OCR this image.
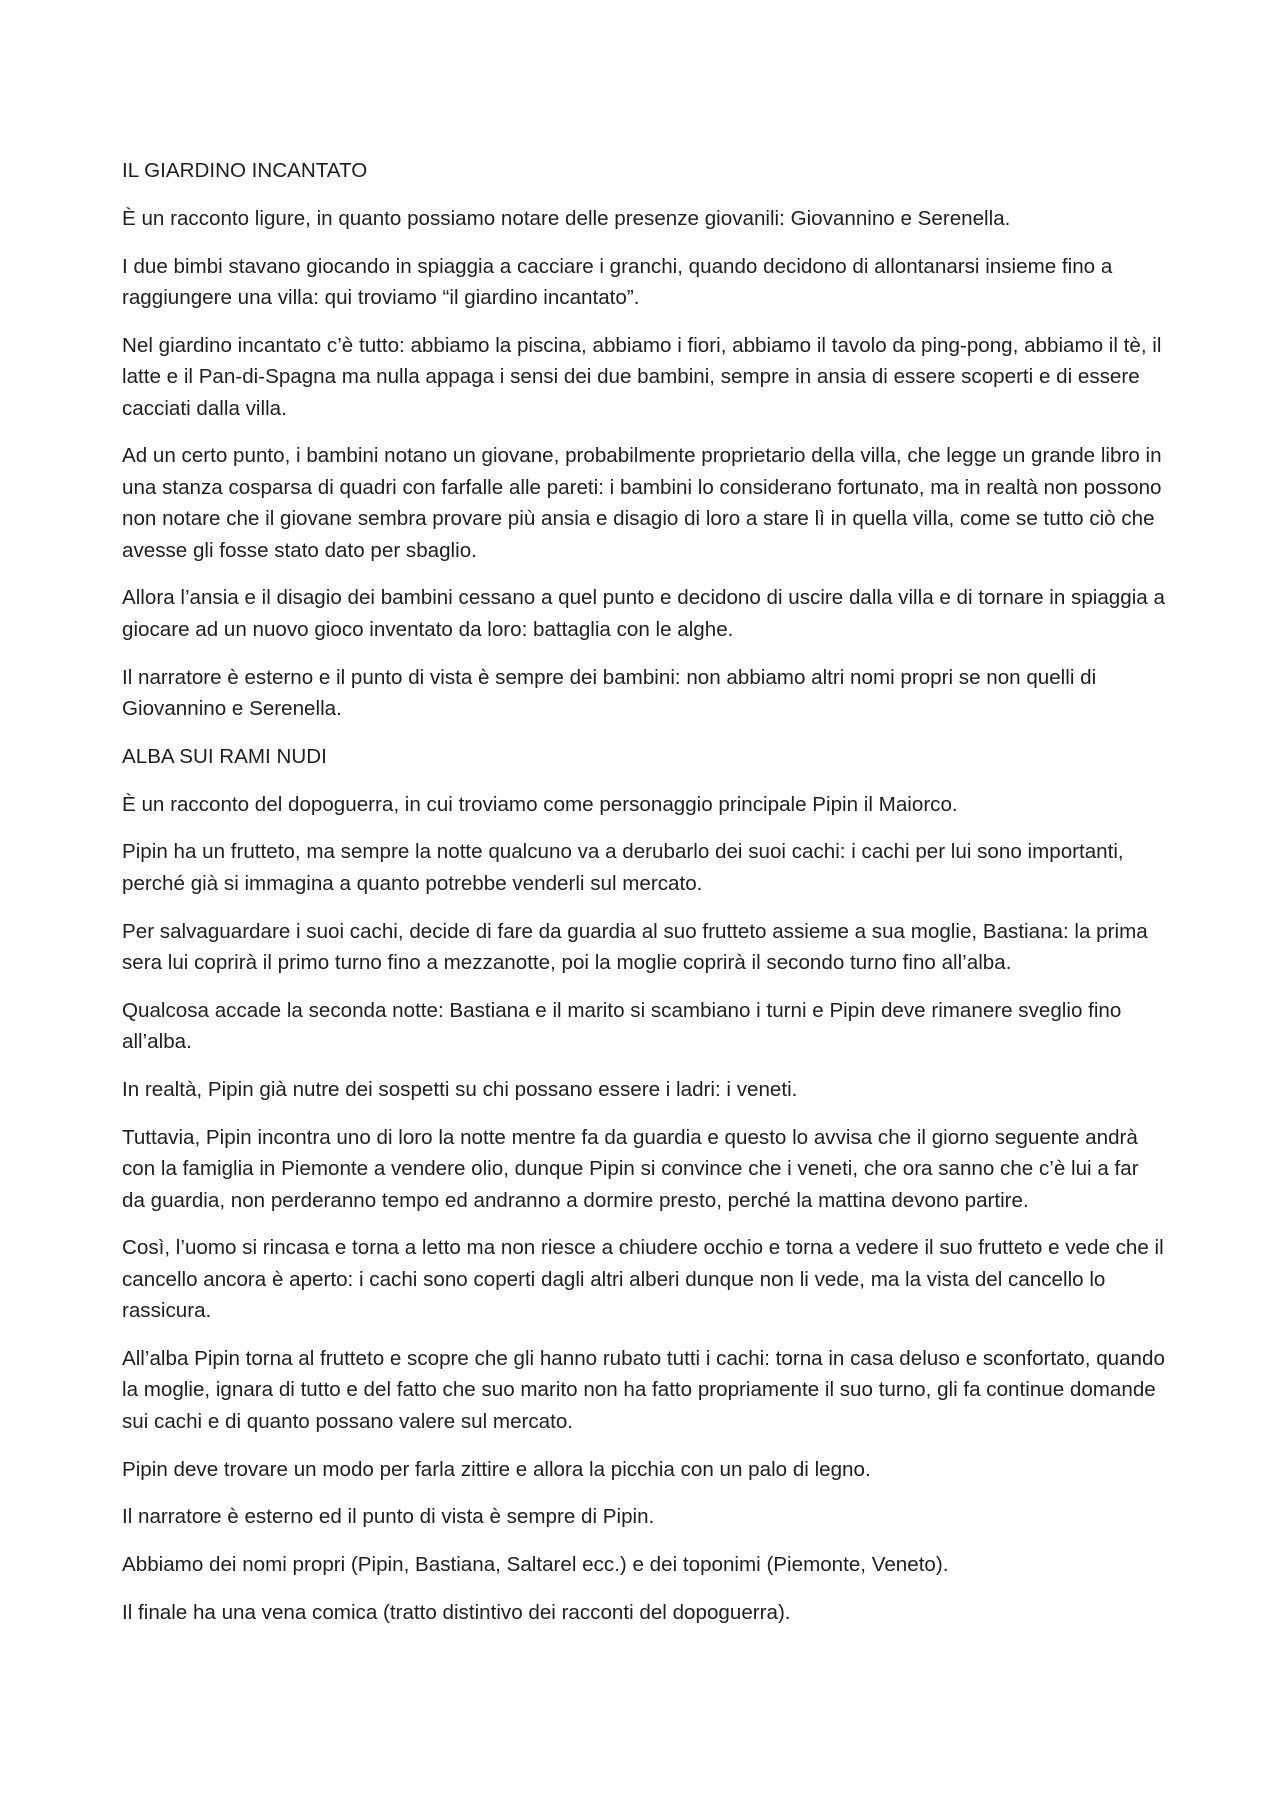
IL GIARDINO INCANTATO

È un racconto ligure, in quanto possiamo notare delle presenze giovanili: Giovannino e Serenella.

I due bimbi stavano giocando in spiaggia a cacciare i granchi, quando decidono di allontanarsi insieme fino a raggiungere una villa: qui troviamo “il giardino incantato”.

Nel giardino incantato c’è tutto: abbiamo la piscina, abbiamo i fiori, abbiamo il tavolo da ping-pong, abbiamo il tè, il latte e il Pan-di-Spagna ma nulla appaga i sensi dei due bambini, sempre in ansia di essere scoperti e di essere cacciati dalla villa.

Ad un certo punto, i bambini notano un giovane, probabilmente proprietario della villa, che legge un grande libro in una stanza cosparsa di quadri con farfalle alle pareti: i bambini lo considerano fortunato, ma in realtà non possono non notare che il giovane sembra provare più ansia e disagio di loro a stare lì in quella villa, come se tutto ciò che avesse gli fosse stato dato per sbaglio.

Allora l’ansia e il disagio dei bambini cessano a quel punto e decidono di uscire dalla villa e di tornare in spiaggia a giocare ad un nuovo gioco inventato da loro: battaglia con le alghe.

Il narratore è esterno e il punto di vista è sempre dei bambini: non abbiamo altri nomi propri se non quelli di Giovannino e Serenella.

ALBA SUI RAMI NUDI

È un racconto del dopoguerra, in cui troviamo come personaggio principale Pipin il Maiorco.

Pipin ha un frutteto, ma sempre la notte qualcuno va a derubarlo dei suoi cachi: i cachi per lui sono importanti, perché già si immagina a quanto potrebbe venderli sul mercato.

Per salvaguardare i suoi cachi, decide di fare da guardia al suo frutteto assieme a sua moglie, Bastiana: la prima sera lui coprirà il primo turno fino a mezzanotte, poi la moglie coprirà il secondo turno fino all’alba.

Qualcosa accade la seconda notte: Bastiana e il marito si scambiano i turni e Pipin deve rimanere sveglio fino all’alba.

In realtà, Pipin già nutre dei sospetti su chi possano essere i ladri: i veneti.

Tuttavia, Pipin incontra uno di loro la notte mentre fa da guardia e questo lo avvisa che il giorno seguente andrà con la famiglia in Piemonte a vendere olio, dunque Pipin si convince che i veneti, che ora sanno che c’è lui a far da guardia, non perderanno tempo ed andranno a dormire presto, perché la mattina devono partire.

Così, l’uomo si rincasa e torna a letto ma non riesce a chiudere occhio e torna a vedere il suo frutteto e vede che il cancello ancora è aperto: i cachi sono coperti dagli altri alberi dunque non li vede, ma la vista del cancello lo rassicura.

All’alba Pipin torna al frutteto e scopre che gli hanno rubato tutti i cachi: torna in casa deluso e sconfortato, quando la moglie, ignara di tutto e del fatto che suo marito non ha fatto propriamente il suo turno, gli fa continue domande sui cachi e di quanto possano valere sul mercato.

Pipin deve trovare un modo per farla zittire e allora la picchia con un palo di legno.

Il narratore è esterno ed il punto di vista è sempre di Pipin.

Abbiamo dei nomi propri (Pipin, Bastiana, Saltarel ecc.) e dei toponimi (Piemonte, Veneto).

Il finale ha una vena comica (tratto distintivo dei racconti del dopoguerra).
